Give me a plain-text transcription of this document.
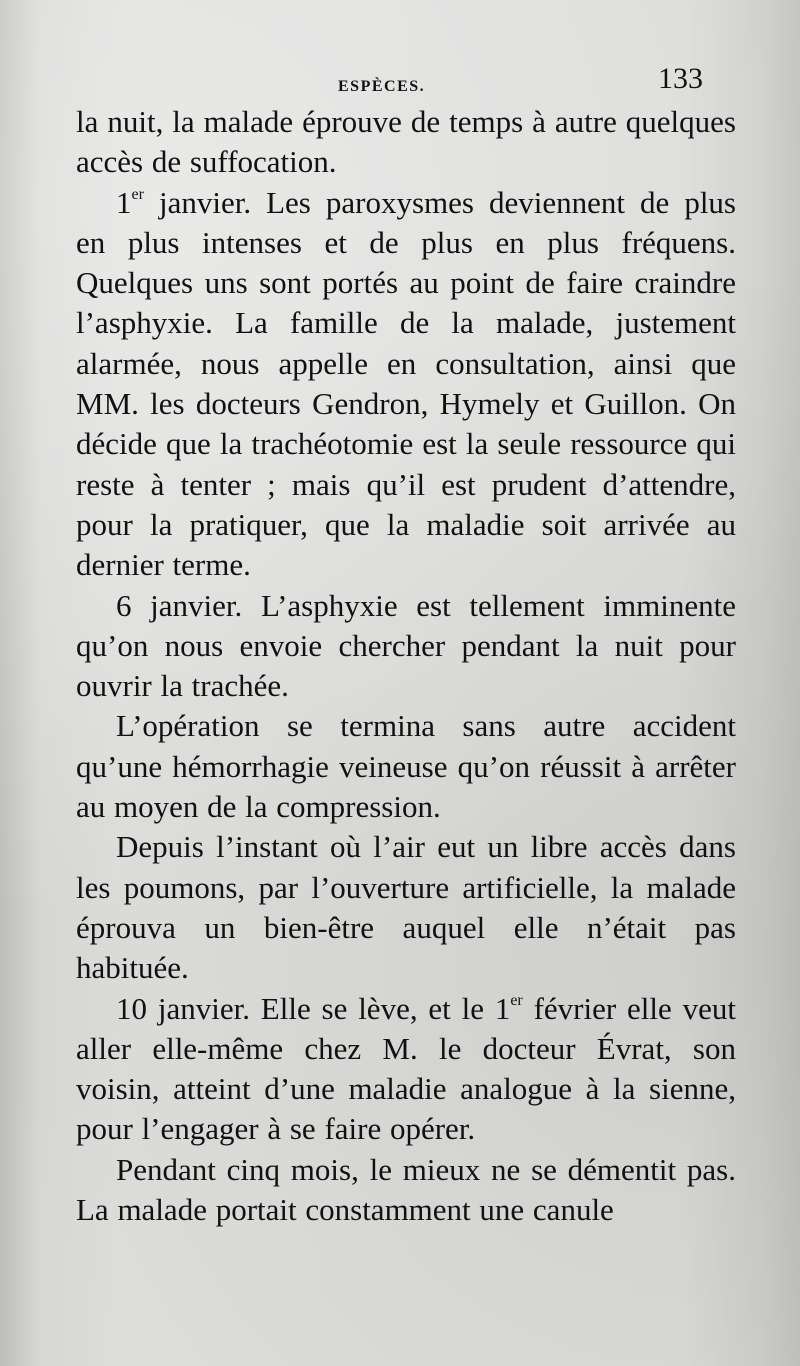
ESPÈCES.	133

la nuit, la malade éprouve de temps à autre quelques accès de suffocation.

1er janvier. Les paroxysmes deviennent de plus en plus intenses et de plus en plus fréquens. Quelques uns sont portés au point de faire craindre l’asphyxie. La famille de la malade, justement alarmée, nous appelle en consultation, ainsi que MM. les docteurs Gendron, Hymely et Guillon. On décide que la trachéotomie est la seule ressource qui reste à tenter ; mais qu’il est prudent d’attendre, pour la pratiquer, que la maladie soit arrivée au dernier terme.

6 janvier. L’asphyxie est tellement imminente qu’on nous envoie chercher pendant la nuit pour ouvrir la trachée.

L’opération se termina sans autre accident qu’une hémorrhagie veineuse qu’on réussit à arrêter au moyen de la compression.

Depuis l’instant où l’air eut un libre accès dans les poumons, par l’ouverture artificielle, la malade éprouva un bien-être auquel elle n’était pas habituée.

10 janvier. Elle se lève, et le 1er février elle veut aller elle-même chez M. le docteur Évrat, son voisin, atteint d’une maladie analogue à la sienne, pour l’engager à se faire opérer.

Pendant cinq mois, le mieux ne se démentit pas. La malade portait constamment une canule
